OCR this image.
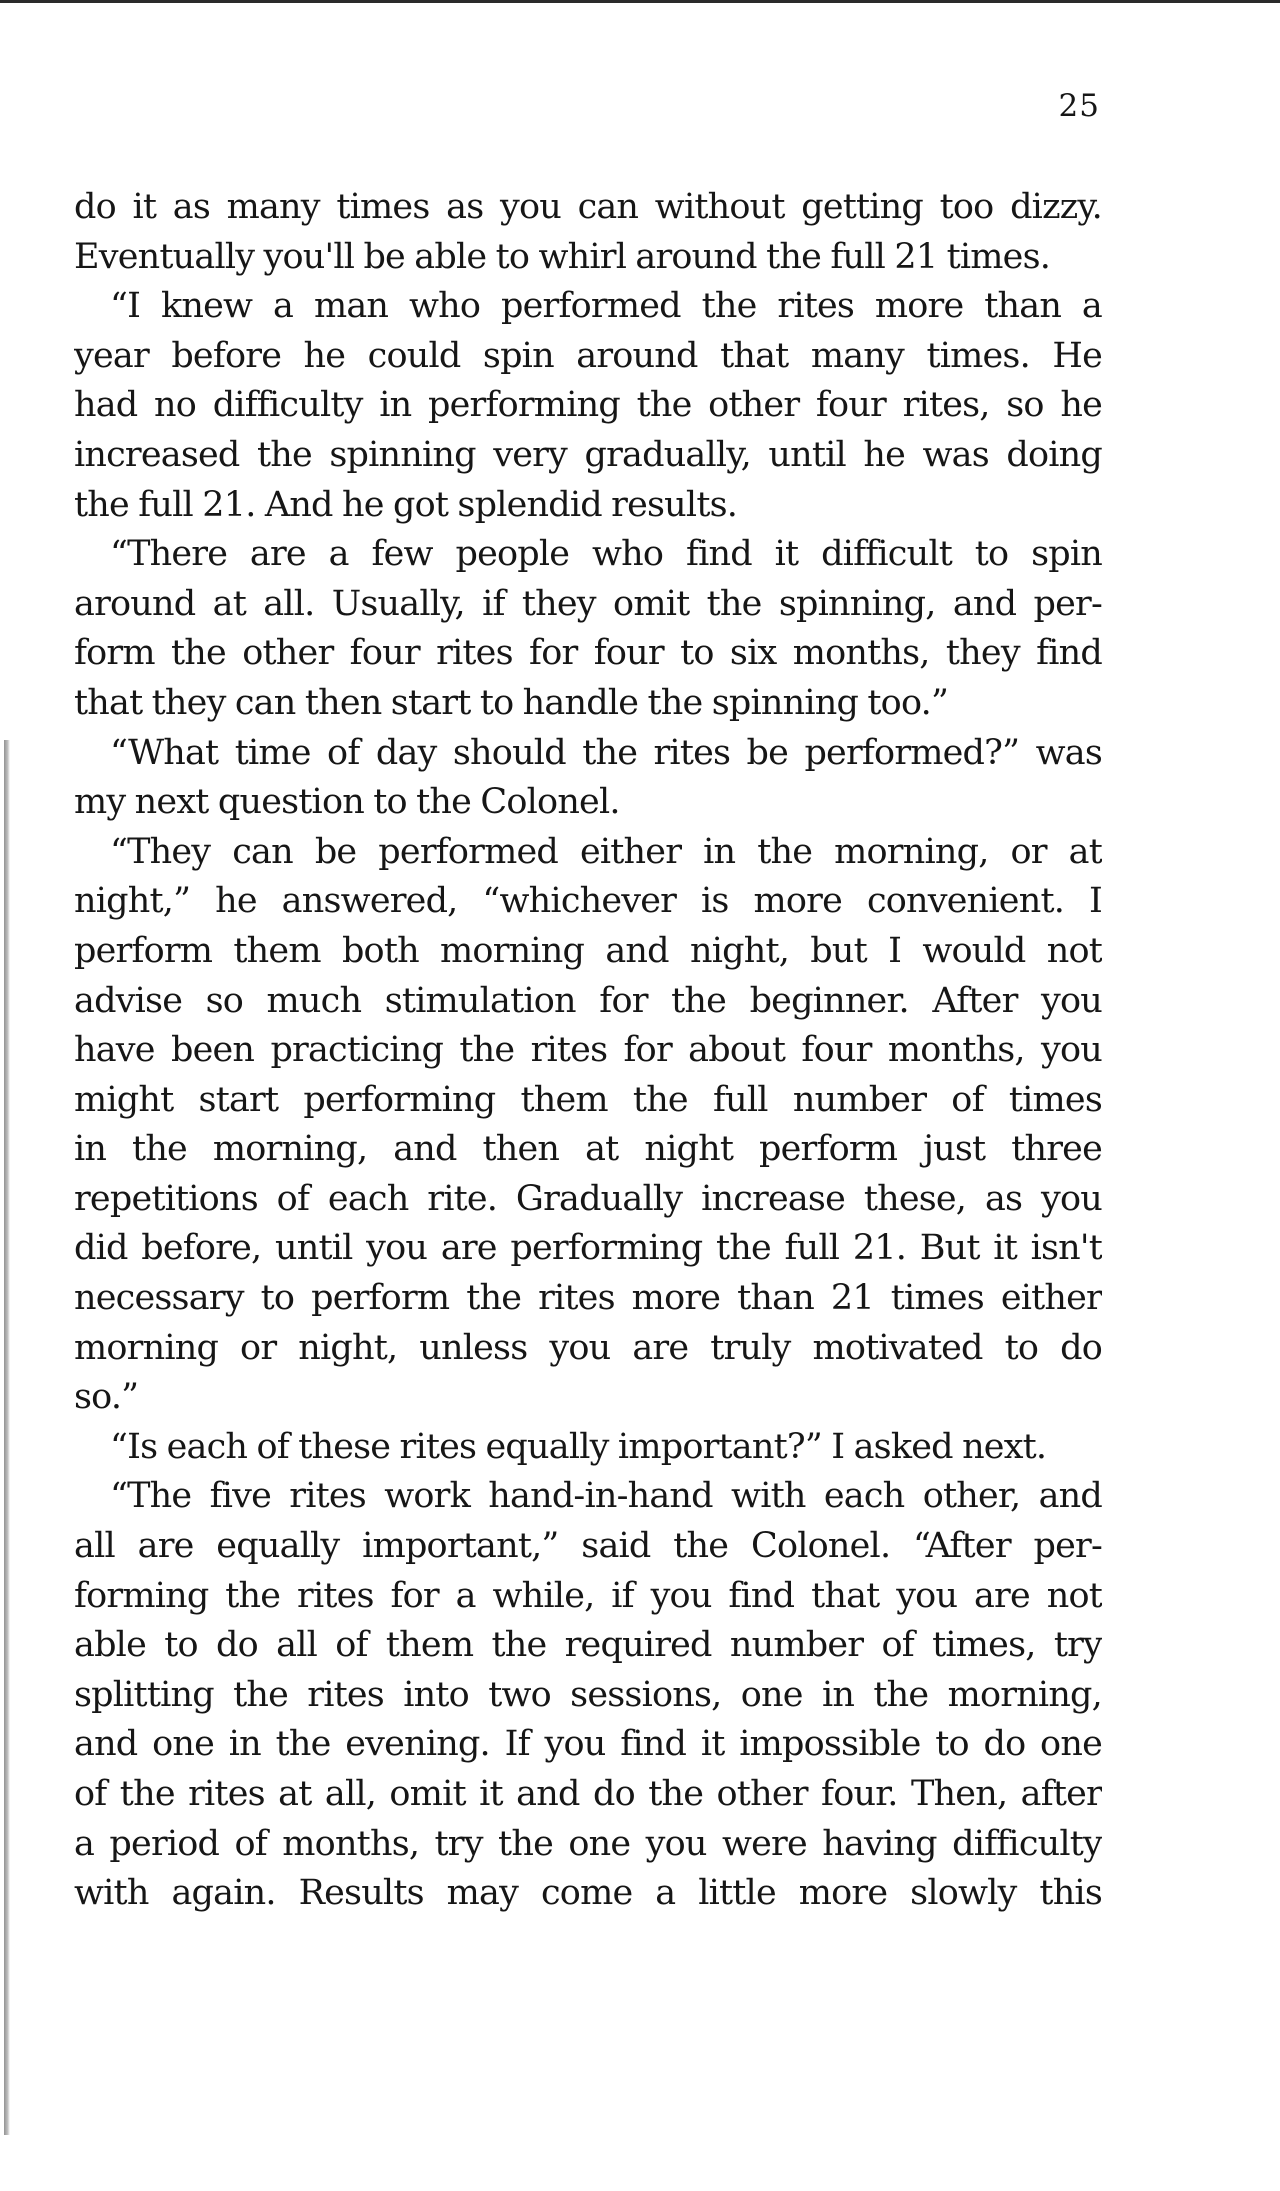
25
do it as many times as you can without getting too dizzy.
Eventually you'll be able to whirl around the full 21 times.
“I knew a man who performed the rites more than a
year before he could spin around that many times. He
had no difficulty in performing the other four rites, so he
increased the spinning very gradually, until he was doing
the full 21. And he got splendid results.
“There are a few people who find it difficult to spin
around at all. Usually, if they omit the spinning, and per-
form the other four rites for four to six months, they find
that they can then start to handle the spinning too.”
“What time of day should the rites be performed?” was
my next question to the Colonel.
“They can be performed either in the morning, or at
night,” he answered, “whichever is more convenient. I
perform them both morning and night, but I would not
advise so much stimulation for the beginner. After you
have been practicing the rites for about four months, you
might start performing them the full number of times
in the morning, and then at night perform just three
repetitions of each rite. Gradually increase these, as you
did before, until you are performing the full 21. But it isn't
necessary to perform the rites more than 21 times either
morning or night, unless you are truly motivated to do
so.”
“Is each of these rites equally important?” I asked next.
“The five rites work hand-in-hand with each other, and
all are equally important,” said the Colonel. “After per-
forming the rites for a while, if you find that you are not
able to do all of them the required number of times, try
splitting the rites into two sessions, one in the morning,
and one in the evening. If you find it impossible to do one
of the rites at all, omit it and do the other four. Then, after
a period of months, try the one you were having difficulty
with again. Results may come a little more slowly this
